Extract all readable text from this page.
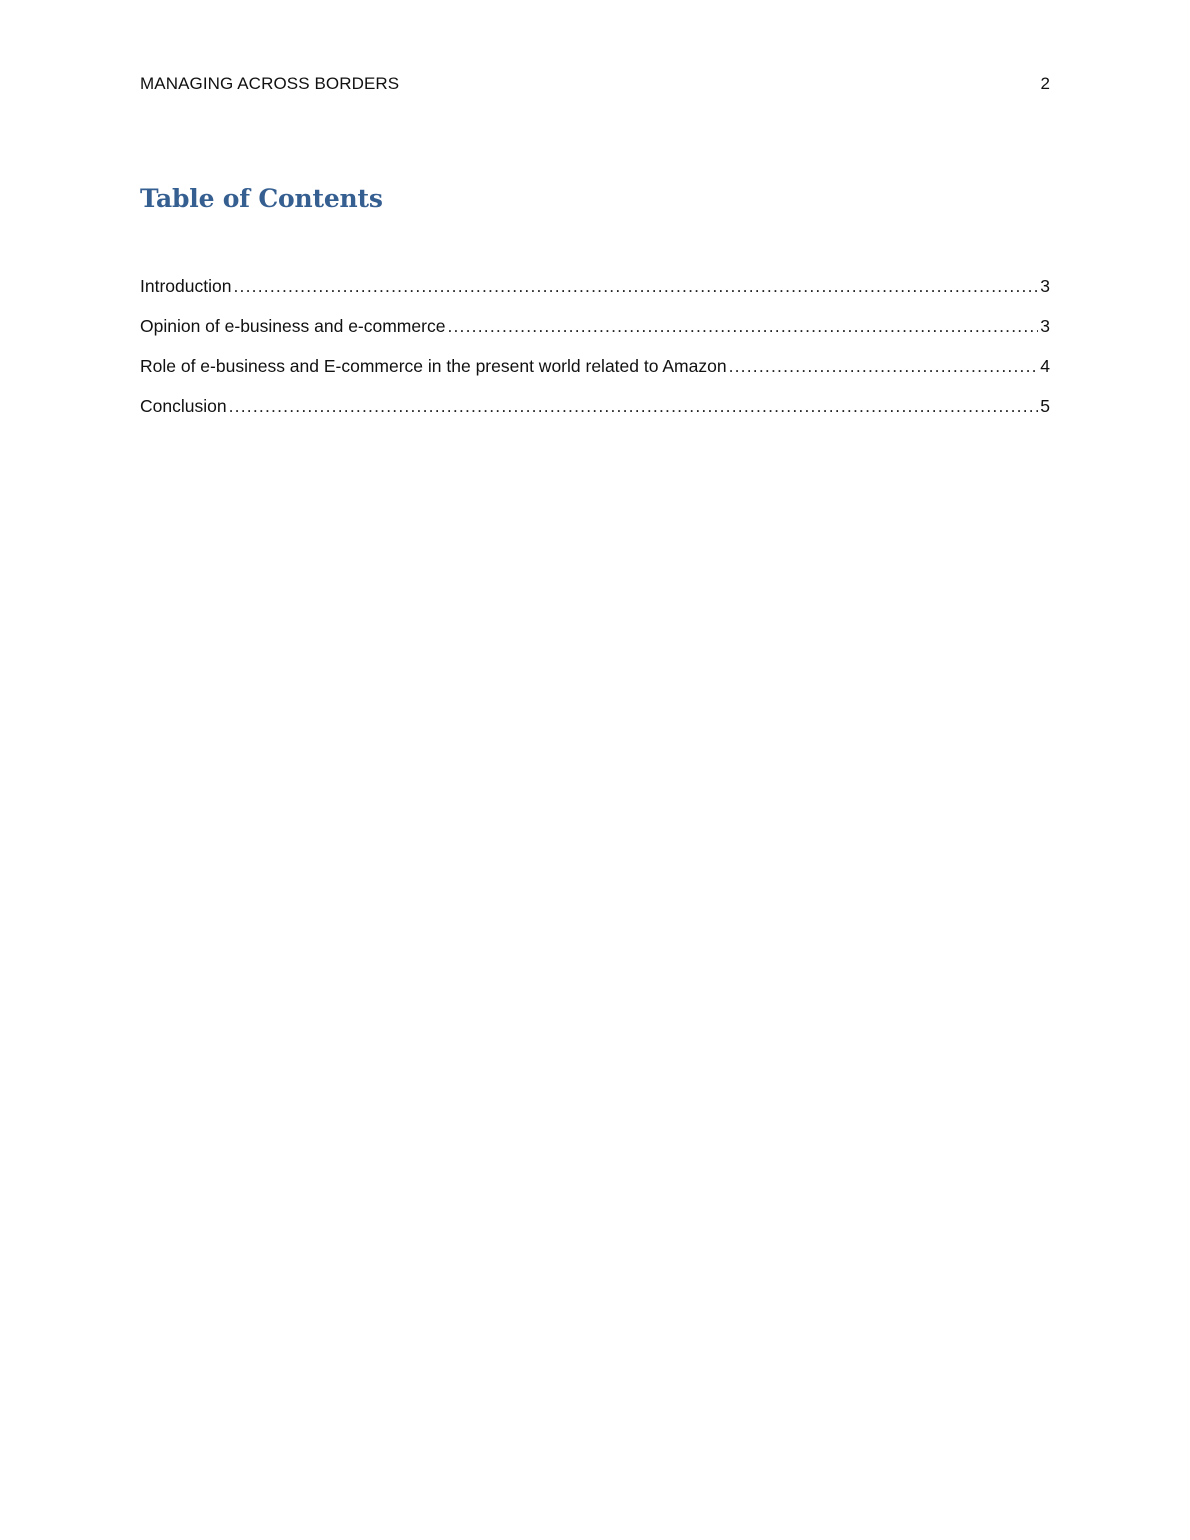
MANAGING ACROSS BORDERS	2
Table of Contents
Introduction .....	3
Opinion of e-business and e-commerce .....	3
Role of e-business and E-commerce in the present world related to Amazon .....	4
Conclusion .....	5
